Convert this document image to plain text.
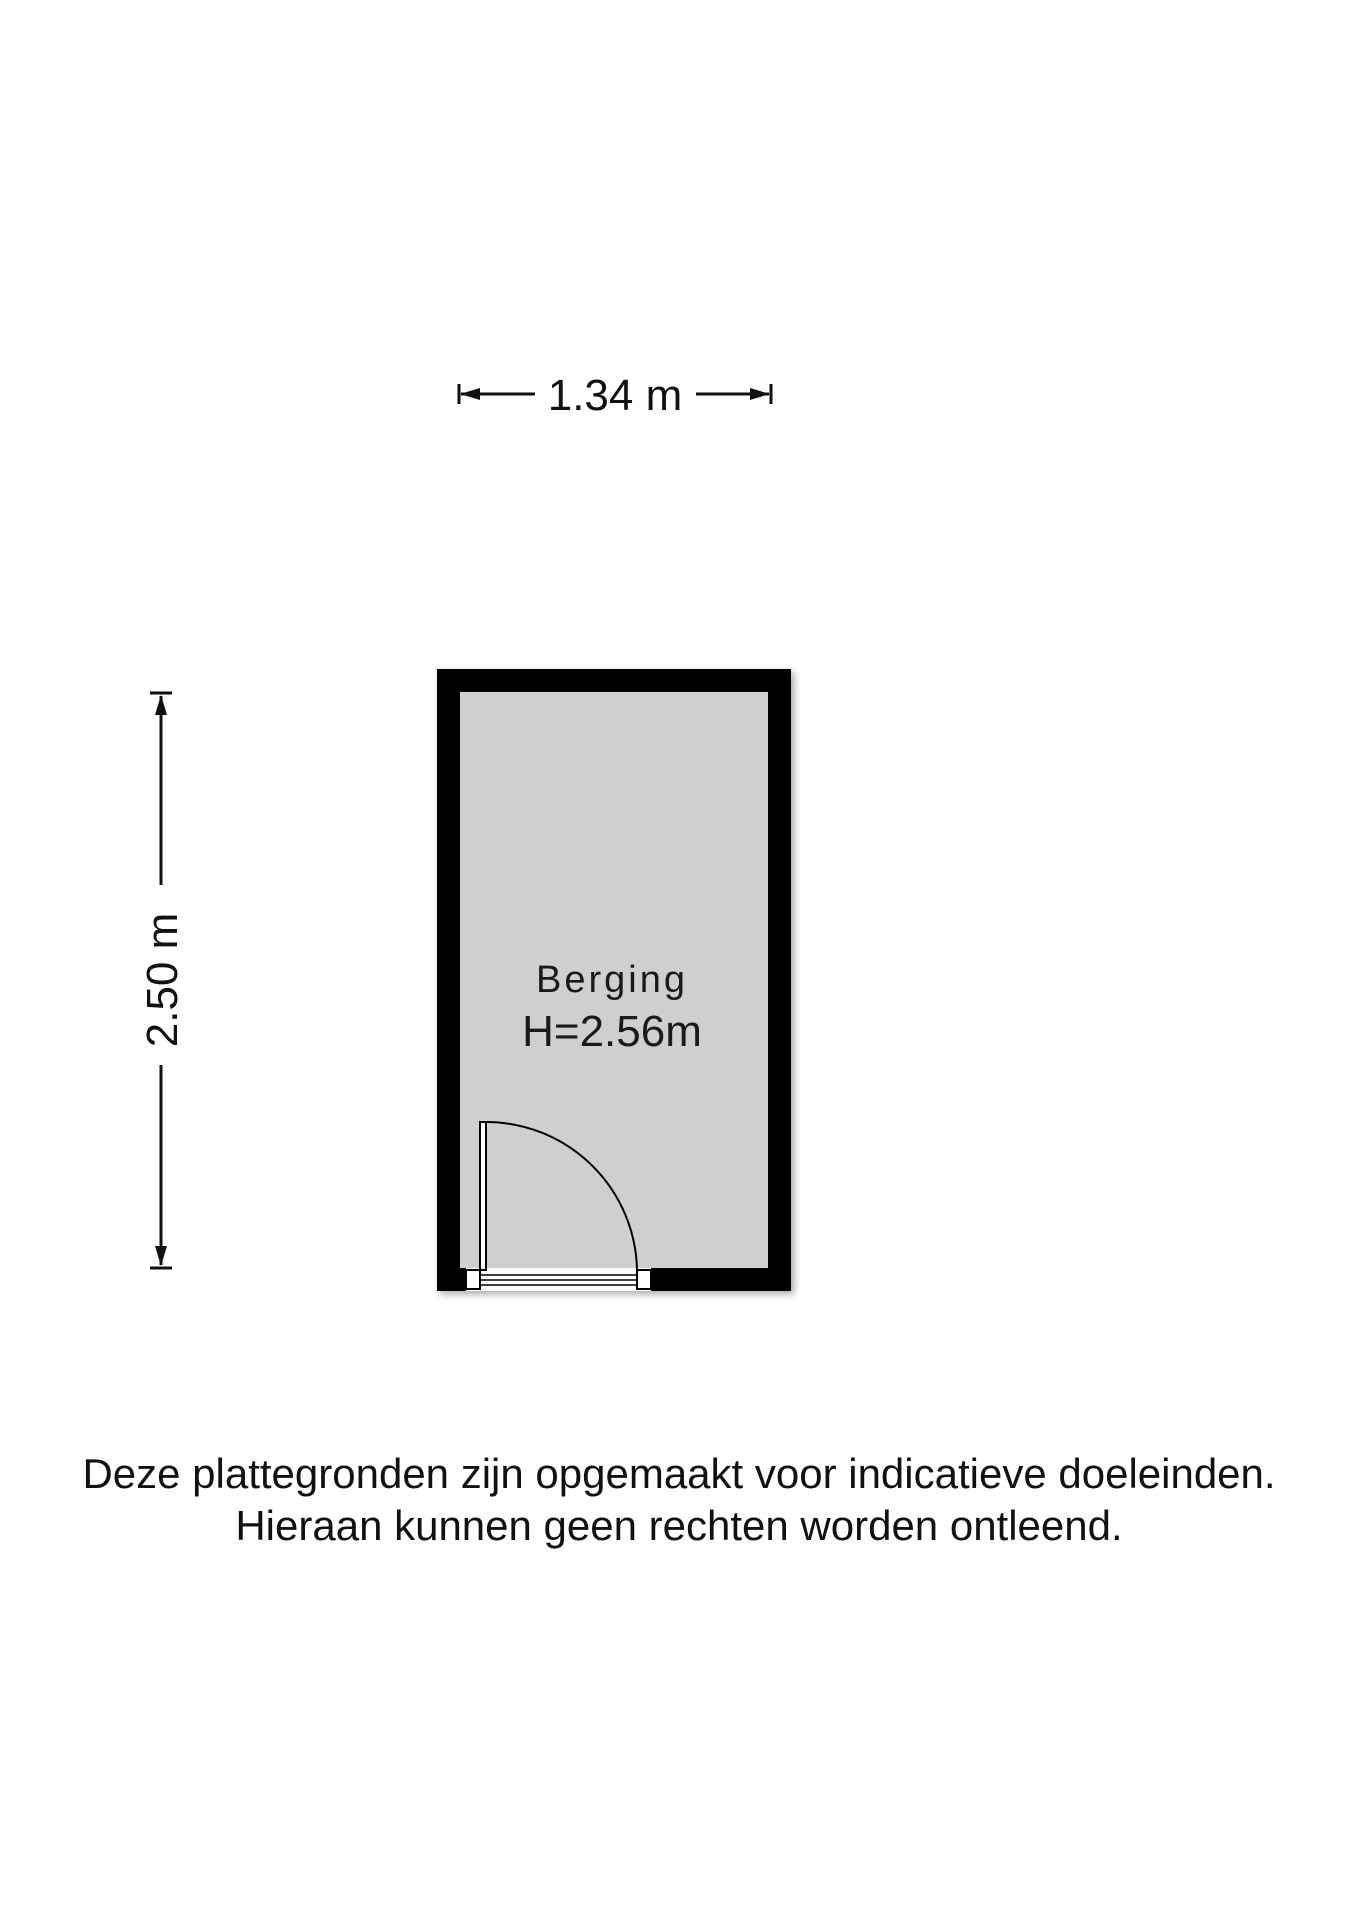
1.34 m
2.50 m	Berging
H=2.56m
Deze plattegronden zijn opgemaakt voor indicatieve doeleinden.
Hieraan kunnen geen rechten worden ontleend.
